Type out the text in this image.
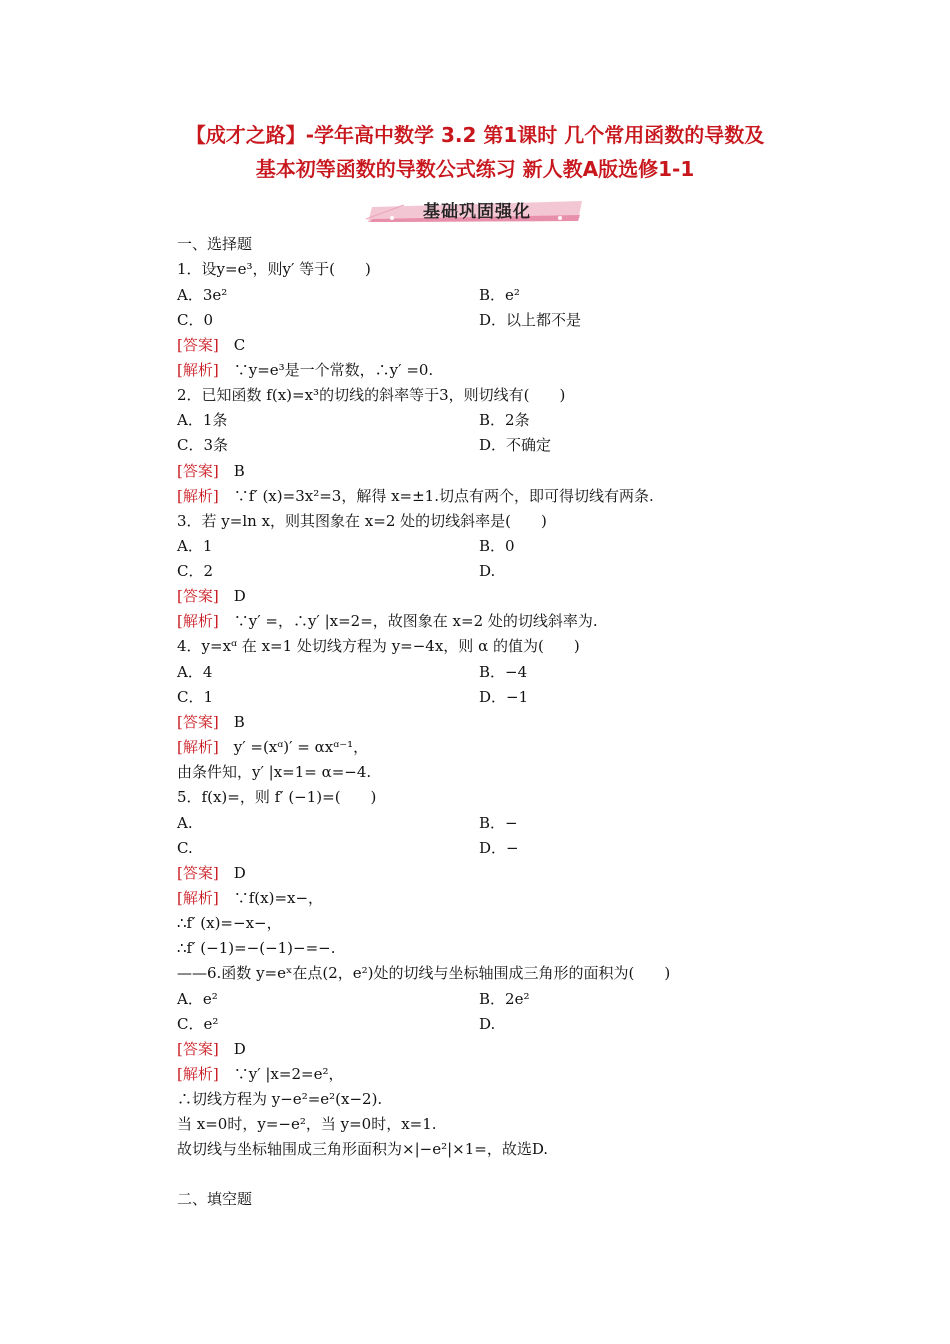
【成才之路】-学年高中数学 3.2 第1课时 几个常用函数的导数及
基本初等函数的导数公式练习 新人教A版选修1-1
基础巩固强化
一、选择题
1．设y=e³，则y′ 等于(　　)
A．3e²	B．e²
C．0	D．以上都不是
[答案]　 C
[解析]　 ∵y=e³是一个常数，∴y′ =0.
2．已知函数 f(x)=x³的切线的斜率等于3，则切线有(　　)
A．1条	B．2条
C．3条	D．不确定
[答案]　 B
[解析]　 ∵f′ (x)=3x²=3，解得 x=±1.切点有两个，即可得切线有两条.
3．若 y=ln x，则其图象在 x=2 处的切线斜率是(　　)
A．1	B．0
C．2	D.
[答案]　 D
[解析]　 ∵y′ =，∴y′ |x=2=，故图象在 x=2 处的切线斜率为.
4．y=xᵅ 在 x=1 处切线方程为 y=−4x，则 α 的值为(　　)
A．4	B．−4
C．1	D．−1
[答案]　 B
[解析]　 y′ =(xᵅ)′ = αxᵅ⁻¹，
由条件知，y′ |x=1= α=−4.
5．f(x)=，则 f′ (−1)=(　　)
A.	B．−
C.	D．−
[答案]　 D
[解析]　 ∵f(x)=x−，
∴f′ (x)=−x−，
∴f′ (−1)=−(−1)−=−.
——6.函数 y=eˣ在点(2，e²)处的切线与坐标轴围成三角形的面积为(　　)
A．e²	B．2e²
C．e²	D.
[答案]　 D
[解析]　 ∵y′ |x=2=e²，
∴切线方程为 y−e²=e²(x−2).
当 x=0时，y=−e²，当 y=0时，x=1.
故切线与坐标轴围成三角形面积为×|−e²|×1=，故选D.
二、填空题
